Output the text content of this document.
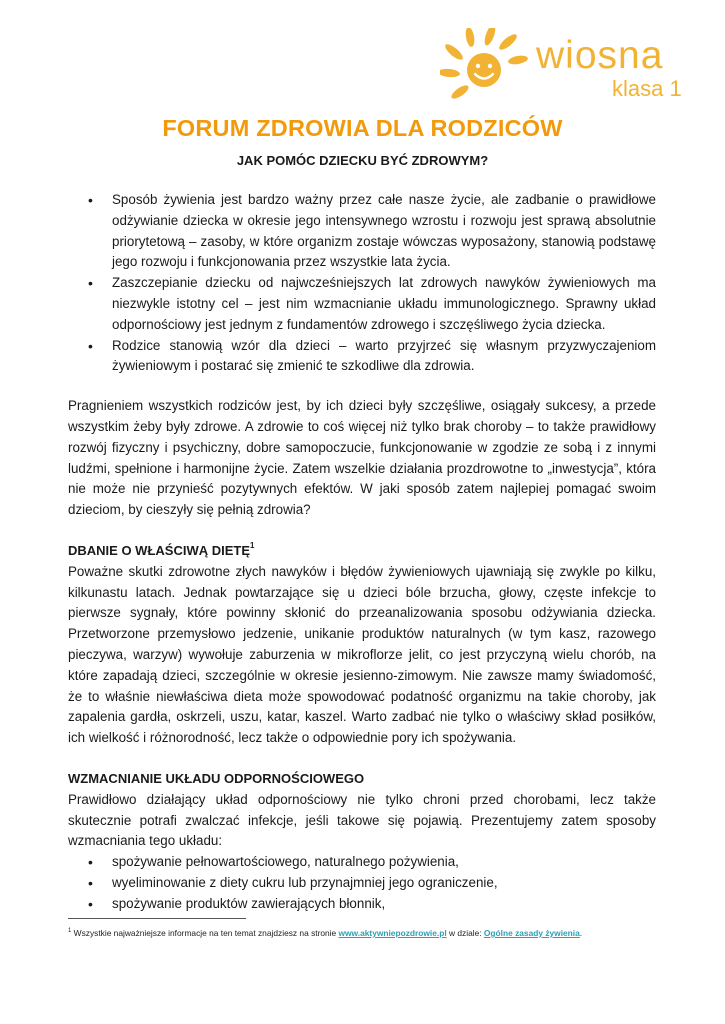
wiosna
klasa 1
FORUM ZDROWIA DLA RODZICÓW
JAK POMÓC DZIECKU BYĆ ZDROWYM?
• Sposób żywienia jest bardzo ważny przez całe nasze życie, ale zadbanie o prawidłowe odżywianie dziecka w okresie jego intensywnego wzrostu i rozwoju jest sprawą absolutnie priorytetową – zasoby, w które organizm zostaje wówczas wyposażony, stanowią podstawę jego rozwoju i funkcjonowania przez wszystkie lata życia.
• Zaszczepianie dziecku od najwcześniejszych lat zdrowych nawyków żywieniowych ma niezwykle istotny cel – jest nim wzmacnianie układu immunologicznego. Sprawny układ odpornościowy jest jednym z fundamentów zdrowego i szczęśliwego życia dziecka.
• Rodzice stanowią wzór dla dzieci – warto przyjrzeć się własnym przyzwyczajeniom żywieniowym i postarać się zmienić te szkodliwe dla zdrowia.

Pragnieniem wszystkich rodziców jest, by ich dzieci były szczęśliwe, osiągały sukcesy, a przede wszystkim żeby były zdrowe. A zdrowie to coś więcej niż tylko brak choroby – to także prawidłowy rozwój fizyczny i psychiczny, dobre samopoczucie, funkcjonowanie w zgodzie ze sobą i z innymi ludźmi, spełnione i harmonijne życie. Zatem wszelkie działania prozdrowotne to „inwestycja”, która nie może nie przynieść pozytywnych efektów. W jaki sposób zatem najlepiej pomagać swoim dzieciom, by cieszyły się pełnią zdrowia?

DBANIE O WŁAŚCIWĄ DIETĘ$^1$

Poważne skutki zdrowotne złych nawyków i błędów żywieniowych ujawniają się zwykle po kilku, kilkunastu latach. Jednak powtarzające się u dzieci bóle brzucha, głowy, częste infekcje to pierwsze sygnały, które powinny skłonić do przeanalizowania sposobu odżywiania dziecka. Przetworzone przemysłowo jedzenie, unikanie produktów naturalnych (w tym kasz, razowego pieczywa, warzyw) wywołuje zaburzenia w mikroflorze jelit, co jest przyczyną wielu chorób, na które zapadają dzieci, szczególnie w okresie jesienno-zimowym. Nie zawsze mamy świadomość, że to właśnie niewłaściwa dieta może spowodować podatność organizmu na takie choroby, jak zapalenia gardła, oskrzeli, uszu, katar, kaszel. Warto zadbać nie tylko o właściwy skład posiłków, ich wielkość i różnorodność, lecz także o odpowiednie pory ich spożywania.

WZMACNIANIE UKŁADU ODPORNOŚCIOWEGO

Prawidłowo działający układ odpornościowy nie tylko chroni przed chorobami, lecz także skutecznie potrafi zwalczać infekcje, jeśli takowe się pojawią. Prezentujemy zatem sposoby wzmacniania tego układu:

• spożywanie pełnowartościowego, naturalnego pożywienia,
• wyeliminowanie z diety cukru lub przynajmniej jego ograniczenie,
• spożywanie produktów zawierających błonnik,
$^1$ Wszystkie najważniejsze informacje na ten temat znajdziesz na stronie www.aktywniepozdrowie.pl w dziale: Ogólne zasady żywienia.
